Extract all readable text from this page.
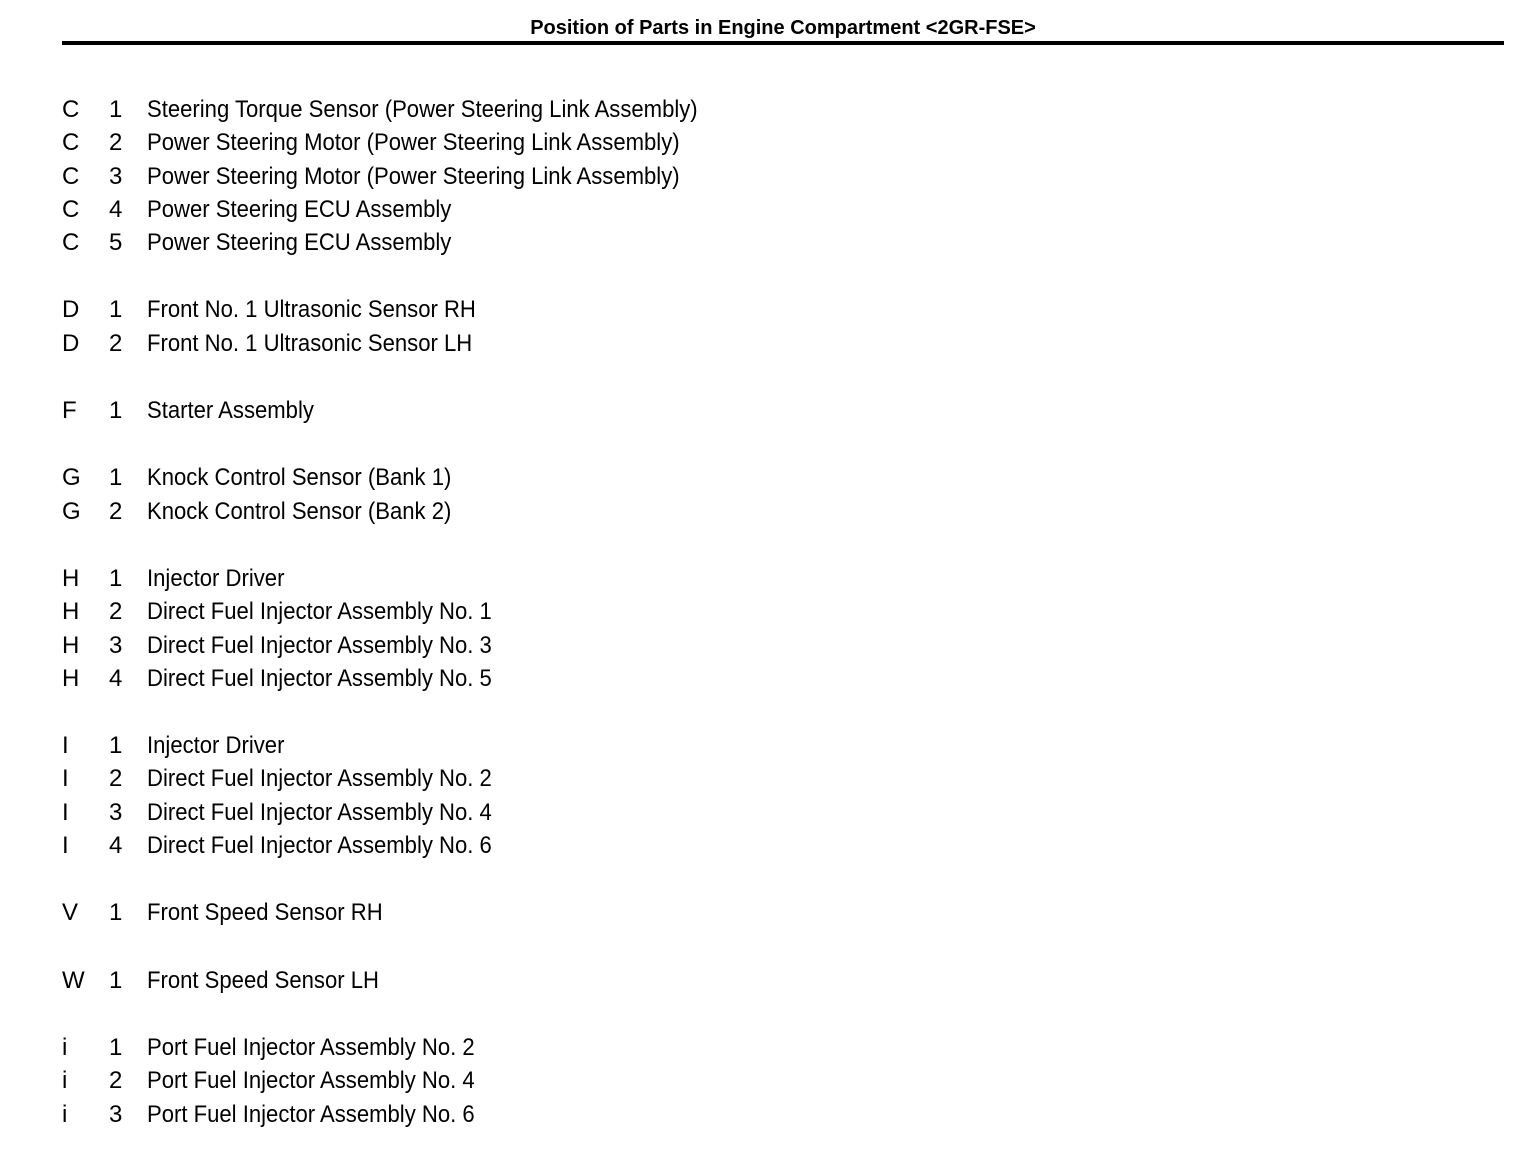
Position of Parts in Engine Compartment <2GR-FSE>
C 1 Steering Torque Sensor (Power Steering Link Assembly)
C 2 Power Steering Motor (Power Steering Link Assembly)
C 3 Power Steering Motor (Power Steering Link Assembly)
C 4 Power Steering ECU Assembly
C 5 Power Steering ECU Assembly
D 1 Front No. 1 Ultrasonic Sensor RH
D 2 Front No. 1 Ultrasonic Sensor LH
F 1 Starter Assembly
G 1 Knock Control Sensor (Bank 1)
G 2 Knock Control Sensor (Bank 2)
H 1 Injector Driver
H 2 Direct Fuel Injector Assembly No. 1
H 3 Direct Fuel Injector Assembly No. 3
H 4 Direct Fuel Injector Assembly No. 5
I 1 Injector Driver
I 2 Direct Fuel Injector Assembly No. 2
I 3 Direct Fuel Injector Assembly No. 4
I 4 Direct Fuel Injector Assembly No. 6
V 1 Front Speed Sensor RH
W 1 Front Speed Sensor LH
i 1 Port Fuel Injector Assembly No. 2
i 2 Port Fuel Injector Assembly No. 4
i 3 Port Fuel Injector Assembly No. 6
